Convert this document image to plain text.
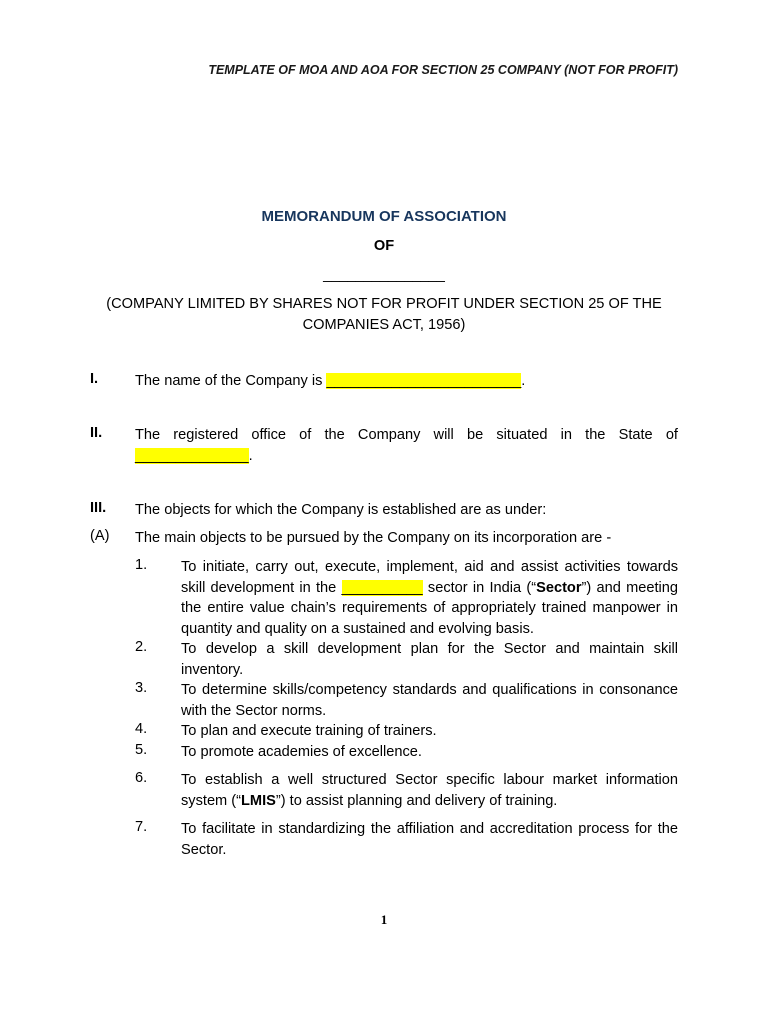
TEMPLATE OF MOA AND AOA FOR SECTION 25 COMPANY (NOT FOR PROFIT)
MEMORANDUM OF ASSOCIATION
OF
_______________
(COMPANY LIMITED BY SHARES NOT FOR PROFIT UNDER SECTION 25 OF THE COMPANIES ACT, 1956)
I.	The name of the Company is ________________________.
II. The registered office of the Company will be situated in the State of ______________.
III. The objects for which the Company is established are as under:
(A) The main objects to be pursued by the Company on its incorporation are -
1. To initiate, carry out, execute, implement, aid and assist activities towards skill development in the __________ sector in India (“Sector”) and meeting the entire value chain’s requirements of appropriately trained manpower in quantity and quality on a sustained and evolving basis.
2. To develop a skill development plan for the Sector and maintain skill inventory.
3. To determine skills/competency standards and qualifications in consonance with the Sector norms.
4. To plan and execute training of trainers.
5. To promote academies of excellence.
6. To establish a well structured Sector specific labour market information system (“LMIS”) to assist planning and delivery of training.
7. To facilitate in standardizing the affiliation and accreditation process for the Sector.
1
